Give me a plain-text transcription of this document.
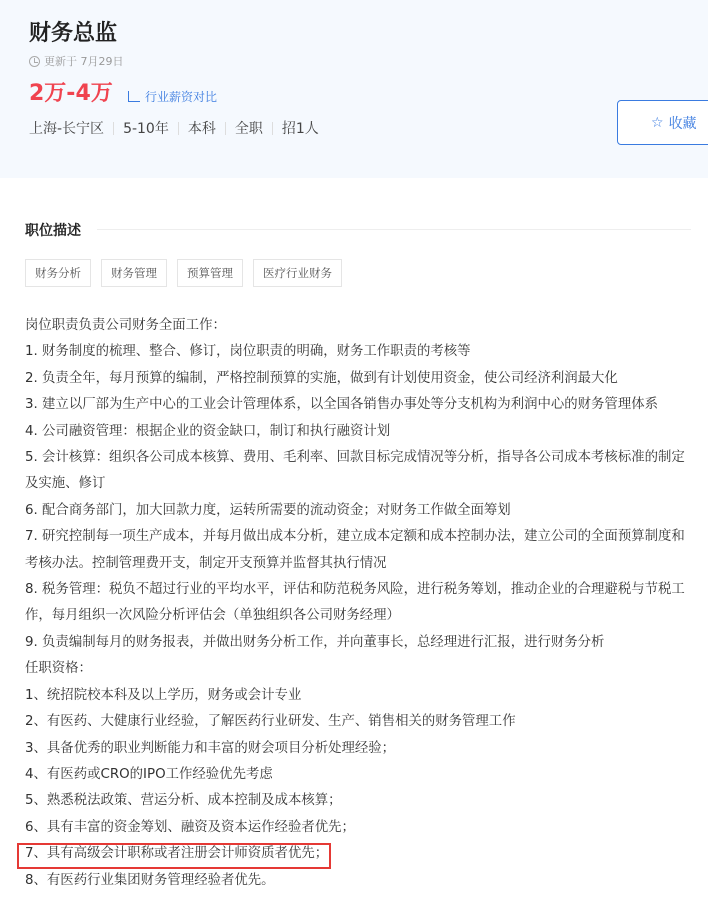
财务总监
更新于 7月29日
2万-4万	行业薪资对比
上海-长宁区 5-10年 本科 全职 招1人	☆ 收藏
职位描述
财务分析	财务管理	预算管理	医疗行业财务
岗位职责负责公司财务全面工作：
1. 财务制度的梳理、整合、修订，岗位职责的明确，财务工作职责的考核等
2. 负责全年，每月预算的编制，严格控制预算的实施，做到有计划使用资金，使公司经济利润最大化
3. 建立以厂部为生产中心的工业会计管理体系，以全国各销售办事处等分支机构为利润中心的财务管理体系
4. 公司融资管理：根据企业的资金缺口，制订和执行融资计划
5. 会计核算：组织各公司成本核算、费用、毛利率、回款目标完成情况等分析，指导各公司成本考核标准的制定及实施、修订
6. 配合商务部门，加大回款力度，运转所需要的流动资金；对财务工作做全面筹划
7. 研究控制每一项生产成本，并每月做出成本分析，建立成本定额和成本控制办法，建立公司的全面预算制度和考核办法。控制管理费开支，制定开支预算并监督其执行情况
8. 税务管理：税负不超过行业的平均水平，评估和防范税务风险，进行税务筹划，推动企业的合理避税与节税工作，每月组织一次风险分析评估会（单独组织各公司财务经理）
9. 负责编制每月的财务报表，并做出财务分析工作，并向董事长，总经理进行汇报，进行财务分析
任职资格：
1、统招院校本科及以上学历，财务或会计专业
2、有医药、大健康行业经验，了解医药行业研发、生产、销售相关的财务管理工作
3、具备优秀的职业判断能力和丰富的财会项目分析处理经验；
4、有医药或CRO的IPO工作经验优先考虑
5、熟悉税法政策、营运分析、成本控制及成本核算；
6、具有丰富的资金筹划、融资及资本运作经验者优先；
7、具有高级会计职称或者注册会计师资质者优先；
8、有医药行业集团财务管理经验者优先。
